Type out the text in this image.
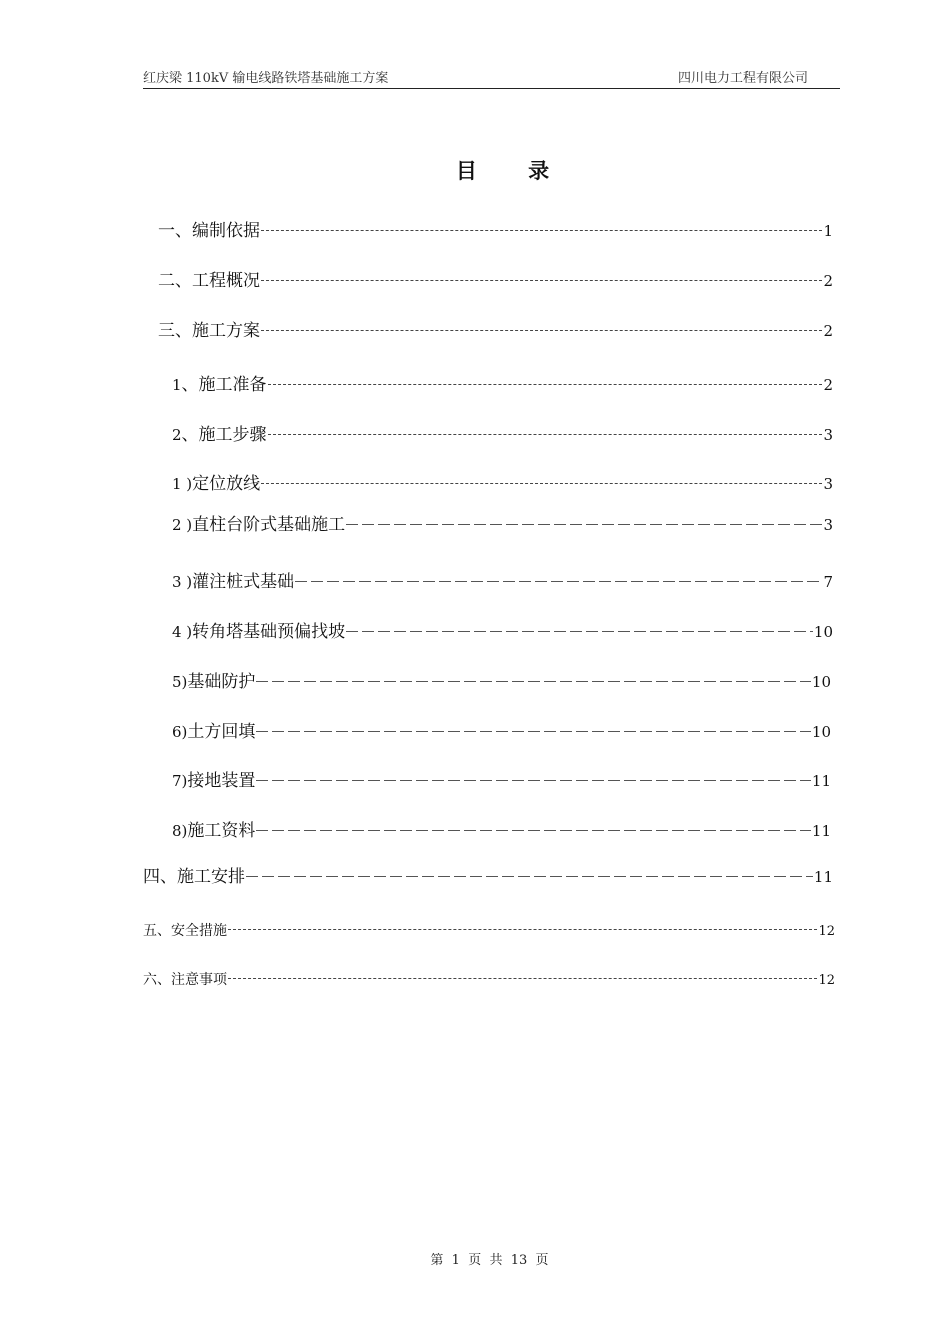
红庆梁 110kV 输电线路铁塔基础施工方案	四川电力工程有限公司
目 录
一、编制依据	1
二、工程概况	2
三、施工方案	2
1、施工准备	2
2、施工步骤	3
1 )定位放线	3
2 )直柱台阶式基础施工	3
3 )灌注桩式基础	7
4 )转角塔基础预偏找坡	10
5)基础防护	10
6)土方回填	10
7)接地装置	11
8)施工资料	11
四、施工安排	11
五、安全措施	12
六、注意事项	12
第  1  页  共  13  页
